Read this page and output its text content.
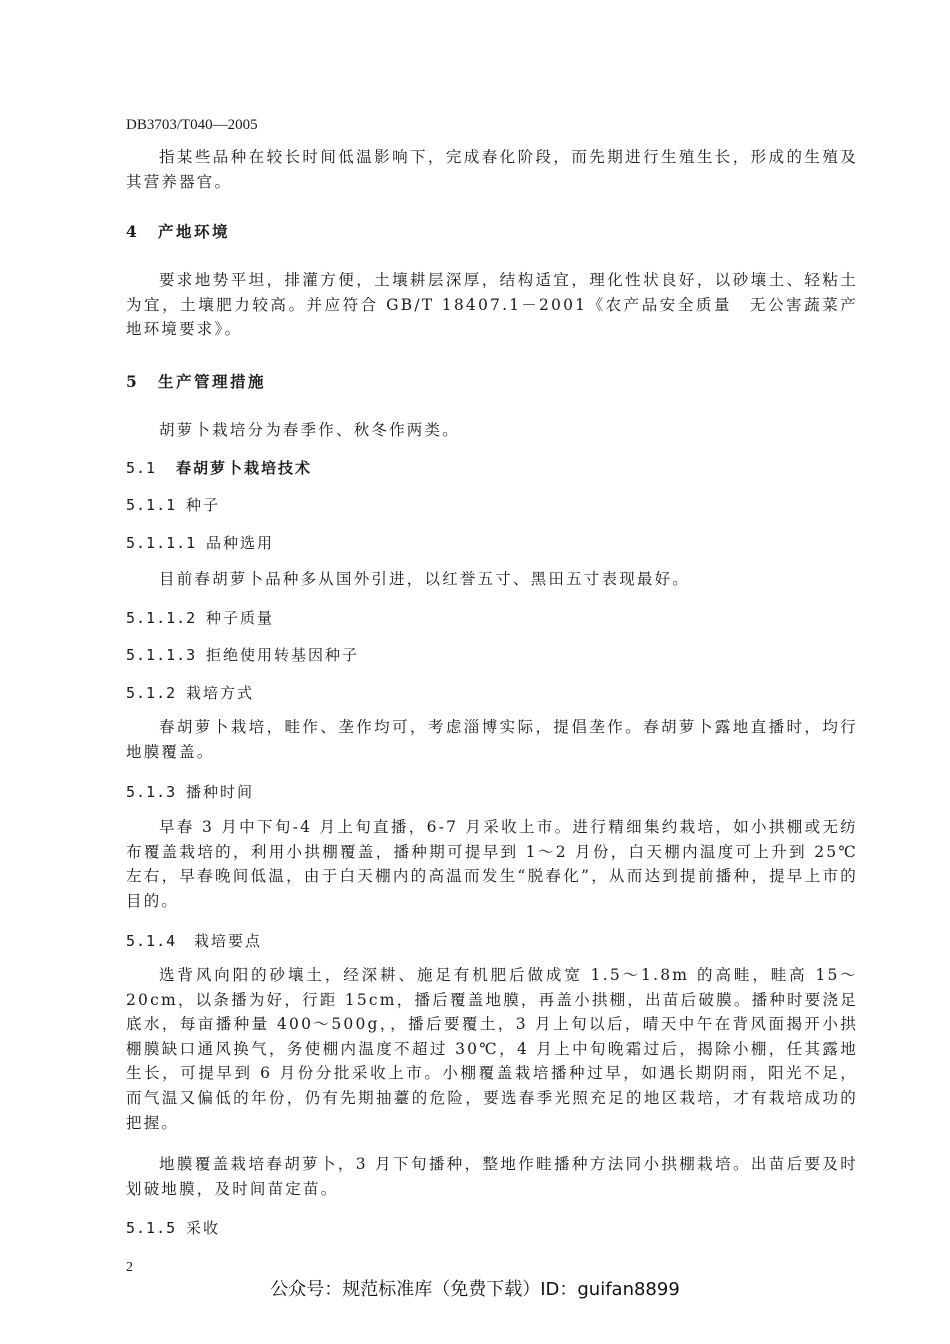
DB3703/T040—2005
指某些品种在较长时间低温影响下，完成春化阶段，而先期进行生殖生长，形成的生殖及其营养器官。
4 产地环境
要求地势平坦，排灌方便，土壤耕层深厚，结构适宜，理化性状良好，以砂壤土、轻粘土为宜，土壤肥力较高。并应符合 GB/T 18407.1－2001《农产品安全质量　无公害蔬菜产地环境要求》。
5 生产管理措施
胡萝卜栽培分为春季作、秋冬作两类。
5.1 春胡萝卜栽培技术
5.1.1 种子
5.1.1.1 品种选用
目前春胡萝卜品种多从国外引进，以红誉五寸、黑田五寸表现最好。
5.1.1.2 种子质量
5.1.1.3 拒绝使用转基因种子
5.1.2 栽培方式
春胡萝卜栽培，畦作、垄作均可，考虑淄博实际，提倡垄作。春胡萝卜露地直播时，均行地膜覆盖。
5.1.3 播种时间
早春 3 月中下旬-4 月上旬直播，6-7 月采收上市。进行精细集约栽培，如小拱棚或无纺布覆盖栽培的，利用小拱棚覆盖，播种期可提早到 1～2 月份，白天棚内温度可上升到 25℃左右，早春晚间低温，由于白天棚内的高温而发生“脱春化”，从而达到提前播种，提早上市的目的。
5.1.4 栽培要点
选背风向阳的砂壤土，经深耕、施足有机肥后做成宽 1.5～1.8m 的高畦，畦高 15～20cm，以条播为好，行距 15cm，播后覆盖地膜，再盖小拱棚，出苗后破膜。播种时要浇足底水，每亩播种量 400～500g，，播后要覆土，3 月上旬以后，晴天中午在背风面揭开小拱棚膜缺口通风换气，务使棚内温度不超过 30℃，4 月上中旬晚霜过后，揭除小棚，任其露地生长，可提早到 6 月份分批采收上市。小棚覆盖栽培播种过早，如遇长期阴雨，阳光不足，而气温又偏低的年份，仍有先期抽薹的危险，要选春季光照充足的地区栽培，才有栽培成功的把握。
地膜覆盖栽培春胡萝卜，3 月下旬播种，整地作畦播种方法同小拱棚栽培。出苗后要及时划破地膜，及时间苗定苗。
5.1.5 采收
2
公众号：规范标准库（免费下载）ID：guifan8899
